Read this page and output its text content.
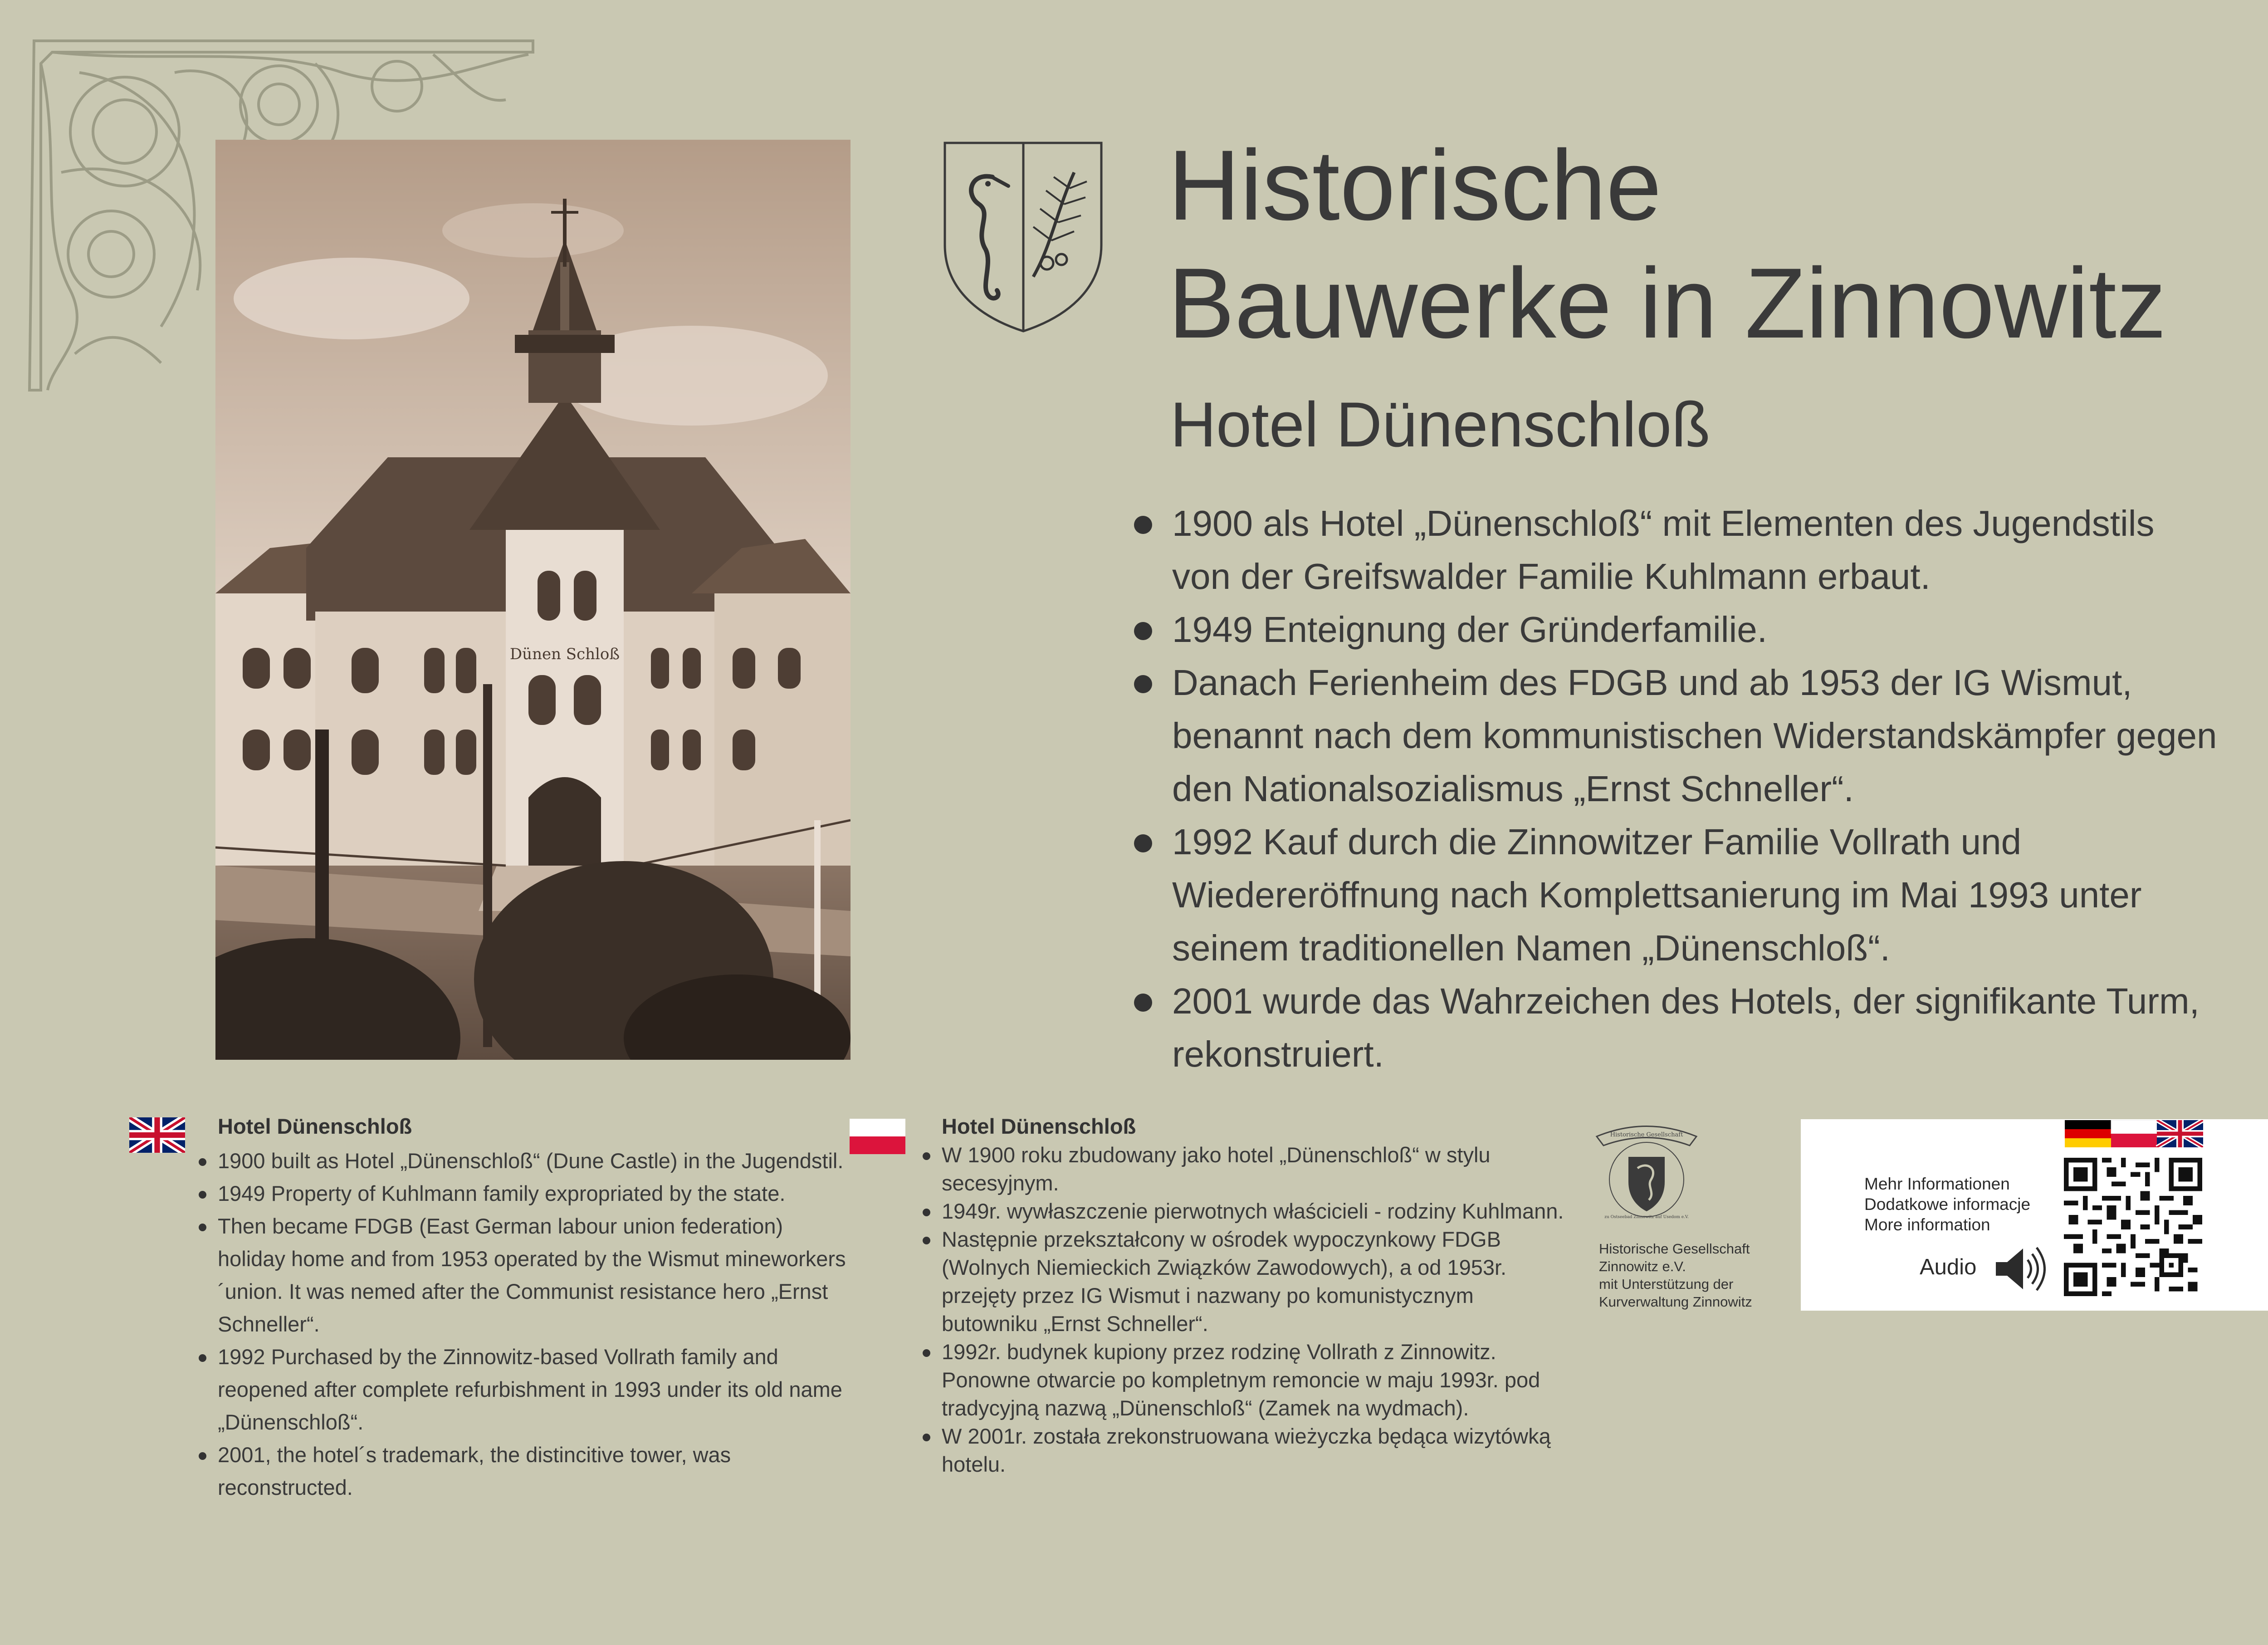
Dünen Schloß
Historische
Bauwerke in Zinnowitz
Hotel Dünenschloß
1900 als Hotel „Dünenschloß“ mit Elementen des Jugendstils von der Greifswalder Familie Kuhlmann erbaut.
1949 Enteignung der Gründerfamilie.
Danach Ferienheim des FDGB und ab 1953 der IG Wismut, benannt nach dem kommunistischen Widerstandskämpfer gegen den Nationalsozialismus „Ernst Schneller“.
1992 Kauf durch die Zinnowitzer Familie Vollrath und Wiedereröffnung nach Komplettsanierung im Mai 1993 unter seinem traditionellen Namen „Dünenschloß“.
2001 wurde das Wahrzeichen des Hotels, der signifikante Turm, rekonstruiert.
Hotel Dünenschloß
1900 built as Hotel „Dünenschloß“ (Dune Castle) in the Jugendstil.
1949 Property of Kuhlmann family expropriated by the state.
Then became FDGB (East German labour union federation) holiday home and from 1953 operated by the Wismut mineworkers´union. It was nemed after the Communist resistance hero „Ernst Schneller“.
1992 Purchased by the Zinnowitz-based Vollrath family and reopened after complete refurbishment in 1993 under its old name „Dünenschloß“.
2001, the hotel´s trademark, the distincitive tower, was reconstructed.
Hotel Dünenschloß
W 1900 roku zbudowany jako hotel „Dünenschloß“ w stylu secesyjnym.
1949r. wywłaszczenie pierwotnych właścicieli - rodziny Kuhlmann.
Następnie przekształcony w ośrodek wypoczynkowy FDGB (Wolnych Niemieckich Związków Zawodowych), a od 1953r. przejęty przez IG Wismut i nazwany po komunistycznym butowniku „Ernst Schneller“.
1992r. budynek kupiony przez rodzinę Vollrath z Zinnowitz. Ponowne otwarcie po kompletnym remoncie w maju 1993r. pod tradycyjną nazwą „Dünenschloß“ (Zamek na wydmach).
W 2001r. została zrekonstruowana wieżyczka będąca wizytówką hotelu.
Historische Gesellschaft
zu Ostseebad Zinnowitz auf Usedom e.V.
Historische Gesellschaft
Zinnowitz e.V.
mit Unterstützung der
Kurverwaltung Zinnowitz
Mehr Informationen
Dodatkowe informacje
More information
Audio
